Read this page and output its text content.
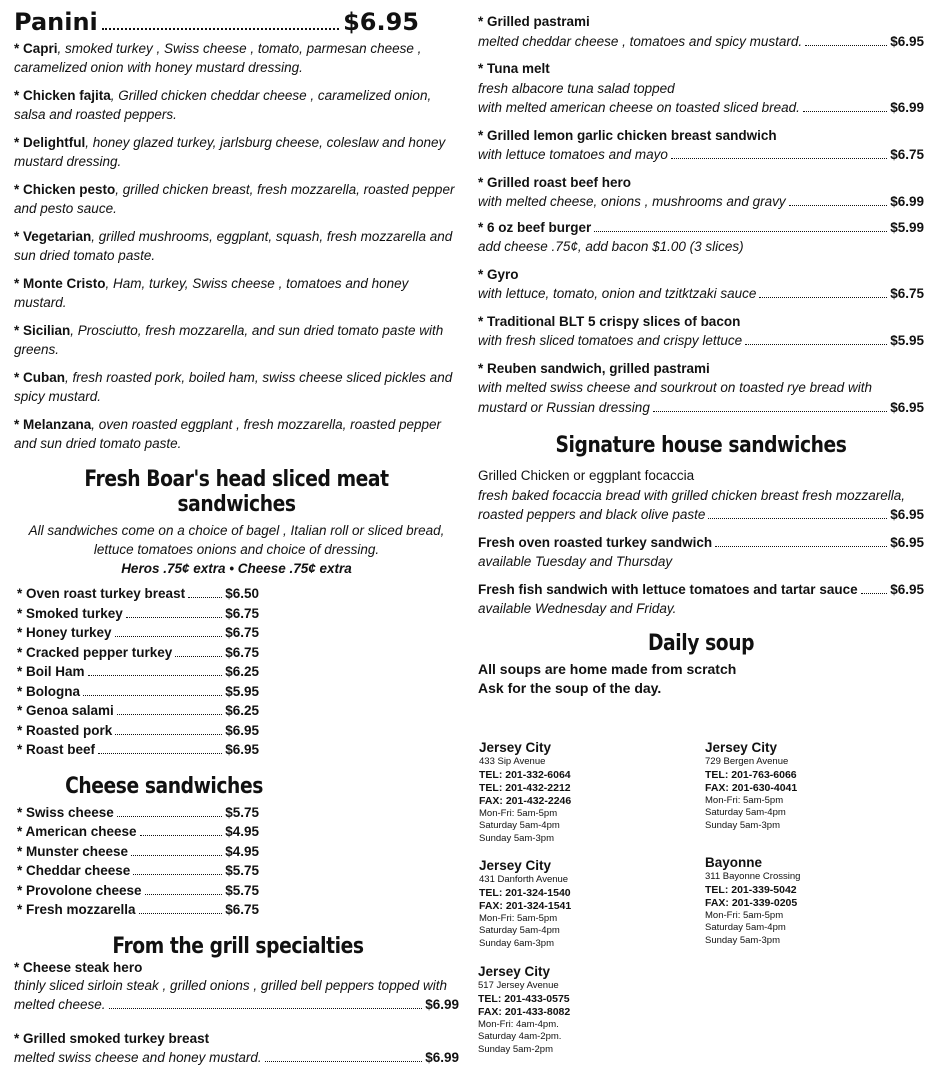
Panini	$6.95
* Capri, smoked turkey , Swiss cheese , tomato, parmesan cheese , caramelized onion with honey mustard dressing.
* Chicken fajita, Grilled chicken cheddar cheese , caramelized onion, salsa and roasted peppers.
* Delightful, honey glazed turkey, jarlsburg cheese, coleslaw and honey mustard dressing.
* Chicken pesto, grilled chicken breast, fresh mozzarella, roasted pepper and pesto sauce.
* Vegetarian, grilled mushrooms, eggplant, squash, fresh mozzarella and sun dried tomato paste.
* Monte Cristo, Ham, turkey, Swiss cheese , tomatoes and honey mustard.
* Sicilian, Prosciutto, fresh mozzarella, and sun dried tomato paste with greens.
* Cuban, fresh roasted pork, boiled ham, swiss cheese sliced pickles and spicy mustard.
* Melanzana, oven roasted eggplant , fresh mozzarella, roasted pepper and sun dried tomato paste.
Fresh Boar's head sliced meat sandwiches
All sandwiches come on a choice of bagel , Italian roll or sliced bread,
lettuce tomatoes onions and choice of dressing.
Heros .75¢ extra • Cheese .75¢ extra
* Oven roast turkey breast	$6.50
* Smoked turkey	$6.75
* Honey turkey	$6.75
* Cracked pepper turkey	$6.75
* Boil Ham	$6.25
* Bologna	$5.95
* Genoa salami	$6.25
* Roasted pork	$6.95
* Roast beef	$6.95
Cheese sandwiches
* Swiss cheese	$5.75
* American cheese	$4.95
* Munster cheese	$4.95
* Cheddar cheese	$5.75
* Provolone cheese	$5.75
* Fresh mozzarella	$6.75
From the grill specialties
* Cheese steak hero
thinly sliced sirloin steak , grilled onions , grilled bell peppers topped with
melted cheese.	$6.99
* Grilled smoked turkey breast
melted swiss cheese and honey mustard.	$6.99
* Grilled pastrami
melted cheddar cheese , tomatoes and spicy mustard.	$6.95
* Tuna melt
fresh albacore tuna salad topped
with melted american cheese on toasted sliced bread.	$6.99
* Grilled lemon garlic chicken breast sandwich
with lettuce tomatoes and mayo	$6.75
* Grilled roast beef hero
with melted cheese, onions , mushrooms and gravy	$6.99
* 6 oz beef burger	$5.99
add cheese .75¢, add bacon $1.00 (3 slices)
* Gyro
with lettuce, tomato, onion and tzitktzaki sauce	$6.75
* Traditional BLT 5 crispy slices of bacon
with fresh sliced tomatoes and crispy lettuce	$5.95
* Reuben sandwich, grilled pastrami
with melted swiss cheese and sourkrout on toasted rye bread with
mustard or Russian dressing	$6.95
Signature house sandwiches
Grilled Chicken or eggplant focaccia
fresh baked focaccia bread with grilled chicken breast fresh mozzarella,
roasted peppers and black olive paste	$6.95
Fresh oven roasted turkey sandwich	$6.95
available Tuesday and Thursday
Fresh fish sandwich with lettuce tomatoes and tartar sauce $6.95
available Wednesday and Friday.
Daily soup
All soups are home made from scratch
Ask for the soup of the day.
Jersey City
433 Sip Avenue
TEL: 201-332-6064
TEL: 201-432-2212
FAX: 201-432-2246
Mon-Fri: 5am-5pm
Saturday 5am-4pm
Sunday 5am-3pm
Jersey City
729 Bergen Avenue
TEL: 201-763-6066
FAX: 201-630-4041
Mon-Fri: 5am-5pm
Saturday 5am-4pm
Sunday 5am-3pm
Jersey City
431 Danforth Avenue
TEL: 201-324-1540
FAX: 201-324-1541
Mon-Fri: 5am-5pm
Saturday 5am-4pm
Sunday 6am-3pm
Bayonne
311 Bayonne Crossing
TEL: 201-339-5042
FAX: 201-339-0205
Mon-Fri: 5am-5pm
Saturday 5am-4pm
Sunday 5am-3pm
Jersey City
517 Jersey Avenue
TEL: 201-433-0575
FAX: 201-433-8082
Mon-Fri: 4am-4pm.
Saturday 4am-2pm.
Sunday 5am-2pm
